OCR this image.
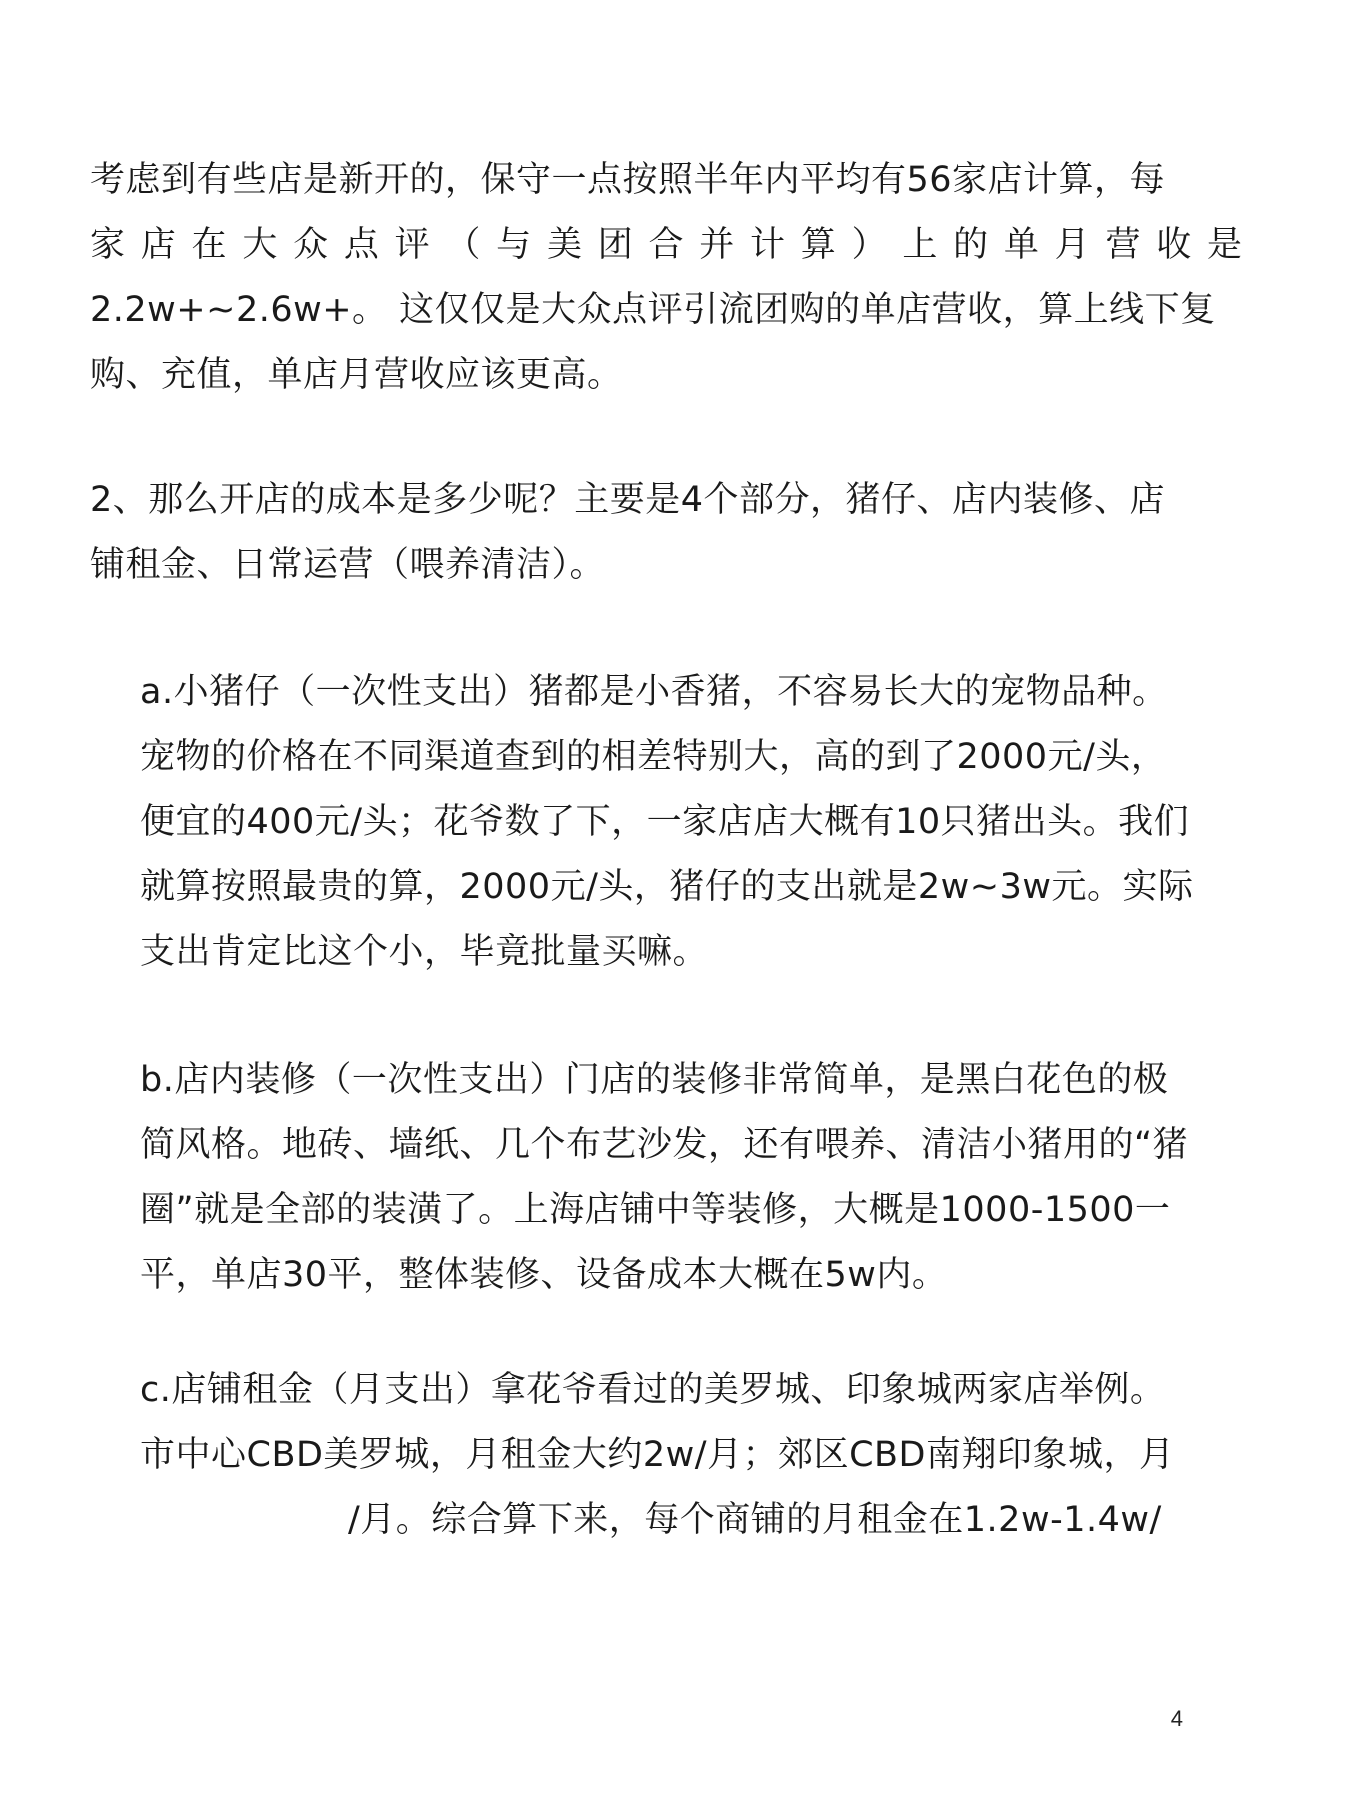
考虑到有些店是新开的，保守一点按照半年内平均有56家店计算，每
家店在大众点评（与美团合并计算）上的单月营收是
2.2w+~2.6w+。 这仅仅是大众点评引流团购的单店营收，算上线下复
购、充值，单店月营收应该更高。

2、那么开店的成本是多少呢？主要是4个部分，猪仔、店内装修、店
铺租金、日常运营（喂养清洁）。

a.小猪仔（一次性支出）猪都是小香猪，不容易长大的宠物品种。
宠物的价格在不同渠道查到的相差特别大，高的到了2000元/头，
便宜的400元/头；花爷数了下，一家店店大概有10只猪出头。我们
就算按照最贵的算，2000元/头，猪仔的支出就是2w~3w元。实际
支出肯定比这个小，毕竟批量买嘛。

b.店内装修（一次性支出）门店的装修非常简单，是黑白花色的极
简风格。地砖、墙纸、几个布艺沙发，还有喂养、清洁小猪用的“猪
圈”就是全部的装潢了。上海店铺中等装修，大概是1000-1500一
平，单店30平，整体装修、设备成本大概在5w内。

c.店铺租金（月支出）拿花爷看过的美罗城、印象城两家店举例。
市中心CBD美罗城，月租金大约2w/月；郊区CBD南翔印象城，月
/月。综合算下来，每个商铺的月租金在1.2w-1.4w/

4
